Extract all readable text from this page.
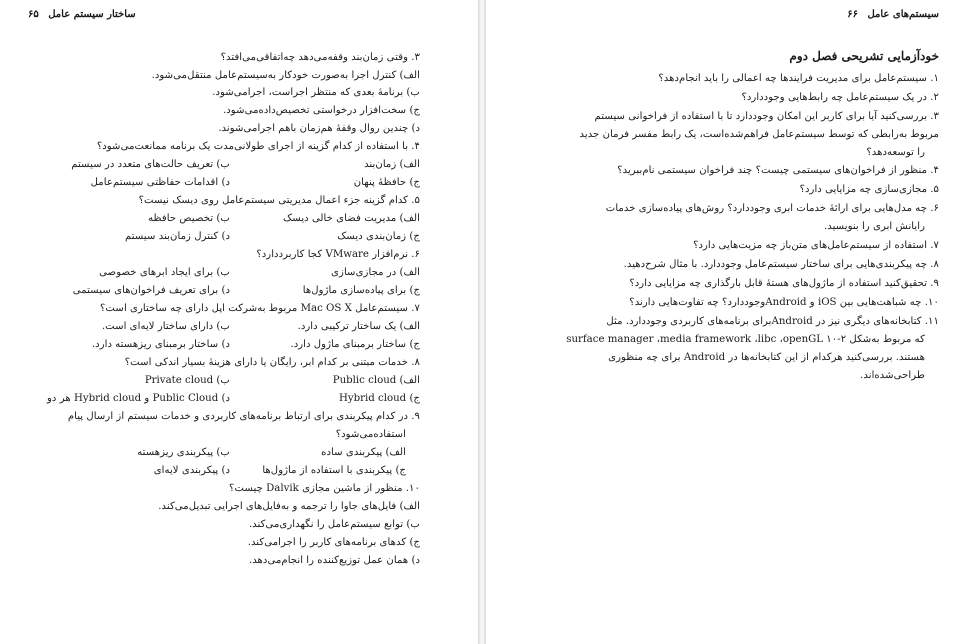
۶۵ ساختار سیستم عامل
۳. وقتی زمان‌بند وقفه‌می‌دهد چه‌اتفاقی‌می‌افتد؟
الف) کنترل اجرا به‌صورت خودکار به‌سیستم‌عامل منتقل‌می‌شود.
ب) برنامهٔ بعدی که منتظر اجراست، اجرامی‌شود.
ج) سخت‌افزار درخواستی تخصیص‌داده‌می‌شود.
د) چندین روال وقفهٔ هم‌زمان باهم اجرامی‌شوند.
۴. با استفاده از کدام گزینه از اجرای طولانی‌مدت یک برنامه ممانعت‌می‌شود؟
الف) زمان‌بند
ب) تعریف حالت‌های متعدد در سیستم
ج) حافظهٔ پنهان
د) اقدامات حفاظتی سیستم‌عامل
۵. کدام گزینه جزء اعمال مدیریتی سیستم‌عامل روی دیسک نیست؟
الف) مدیریت فضای خالی دیسک
ب) تخصیص حافظه
ج) زمان‌بندی دیسک
د) کنترل زمان‌بند سیستم
۶. نرم‌افزار VMware کجا کاربرددارد؟
الف) در مجازی‌سازی
ب) برای ایجاد ابرهای خصوصی
ج) برای پیاده‌سازی ماژول‌ها
د) برای تعریف فراخوان‌های سیستمی
۷. سیستم‌عامل Mac OS X مربوط به‌شرکت اپل دارای چه ساختاری است؟
الف) یک ساختار ترکیبی دارد.
ب) دارای ساختار لایه‌ای است.
ج) ساختار برمبنای ماژول دارد.
د) ساختار برمبنای ریزهسته دارد.
۸. خدمات مبتنی بر کدام ابر، رایگان یا دارای هزینهٔ بسیار اندکی است؟
الف) Public cloud
ب) Private cloud
ج) Hybrid cloud
د) Public Cloud و Hybrid cloud هر دو
۹. در کدام پیکربندی برای ارتباط برنامه‌های کاربردی و خدمات سیستم از ارسال پیام
استفاده‌می‌شود؟
الف) پیکربندی ساده
ب) پیکربندی ریزهسته
ج) پیکربندی با استفاده از ماژول‌ها
د) پیکربندی لایه‌ای
۱۰. منظور از ماشین مجازی Dalvik چیست؟
الف) فایل‌های جاوا را ترجمه و به‌فایل‌های اجرایی تبدیل‌می‌کند.
ب) توابع سیستم‌عامل را نگهداری‌می‌کند.
ج) کدهای برنامه‌های کاربر را اجرامی‌کند.
د) همان عمل توزیع‌کننده را انجام‌می‌دهد.
سیستم‌های عامل ۶۶
خودآزمایی تشریحی فصل دوم
۱. سیستم‌عامل برای مدیریت فرایندها چه اعمالی را باید انجام‌دهد؟
۲. در یک سیستم‌عامل چه رابط‌هایی وجوددارد؟
۳. بررسی‌کنید آیا برای کاربر این امکان وجوددارد تا با استفاده از فراخوانی سیستم
مربوط به‌رابطی که توسط سیستم‌عامل فراهم‌شده‌است، یک رابط مفسر فرمان جدید
را توسعه‌دهد؟
۴. منظور از فراخوان‌های سیستمی چیست؟ چند فراخوان سیستمی نام‌ببرید؟
۵. مجازی‌سازی چه مزایایی دارد؟
۶. چه مدل‌هایی برای ارائهٔ خدمات ابری وجوددارد؟ روش‌های پیاده‌سازی خدمات
رایانش ابری را بنویسید.
۷. استفاده از سیستم‌عامل‌های متن‌باز چه مزیت‌هایی دارد؟
۸. چه پیکربندی‌هایی برای ساختار سیستم‌عامل وجوددارد. با مثال شرح‌دهید.
۹. تحقیق‌کنید استفاده از ماژول‌های هستهٔ قابل بارگذاری چه مزایایی دارد؟
۱۰. چه شباهت‌هایی بین iOS و Androidوجوددارد؟ چه تفاوت‌هایی دارند؟
۱۱. کتابخانه‌های دیگری نیز در Androidبرای برنامه‌های کاربردی وجوددارد. مثل
surface manager ،media framework ،libc ،openGL که مربوط به‌شکل ۲-۱۰
هستند. بررسی‌کنید هرکدام از این کتابخانه‌ها در Android برای چه منظوری
طراحی‌شده‌اند.
